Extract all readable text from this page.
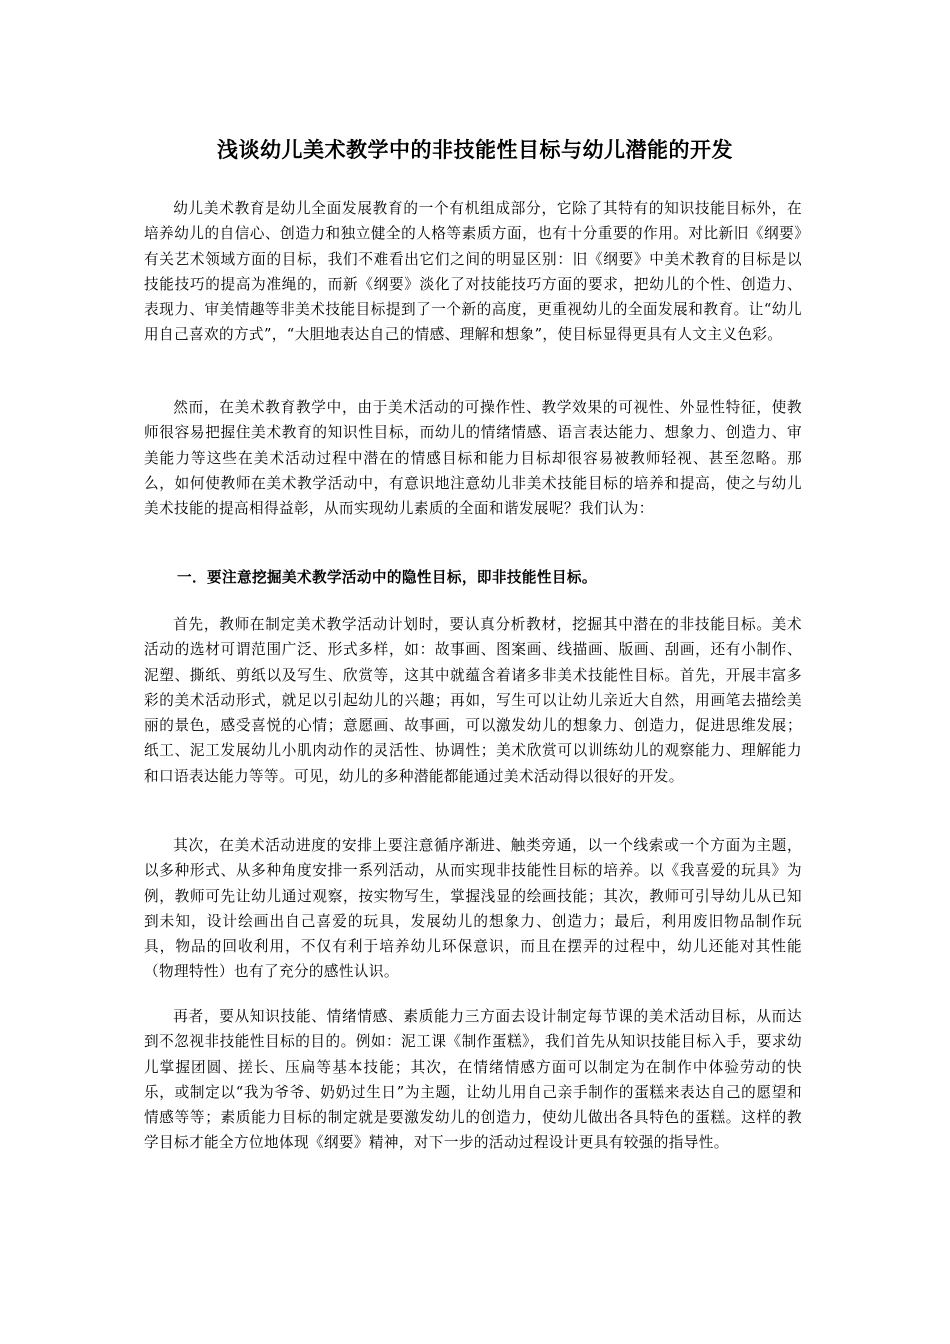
浅谈幼儿美术教学中的非技能性目标与幼儿潜能的开发

幼儿美术教育是幼儿全面发展教育的一个有机组成部分，它除了其特有的知识技能目标外，在培养幼儿的自信心、创造力和独立健全的人格等素质方面，也有十分重要的作用。对比新旧《纲要》有关艺术领域方面的目标，我们不难看出它们之间的明显区别：旧《纲要》中美术教育的目标是以技能技巧的提高为准绳的，而新《纲要》淡化了对技能技巧方面的要求，把幼儿的个性、创造力、表现力、审美情趣等非美术技能目标提到了一个新的高度，更重视幼儿的全面发展和教育。让“幼儿用自己喜欢的方式”，“大胆地表达自己的情感、理解和想象”，使目标显得更具有人文主义色彩。

然而，在美术教育教学中，由于美术活动的可操作性、教学效果的可视性、外显性特征，使教师很容易把握住美术教育的知识性目标，而幼儿的情绪情感、语言表达能力、想象力、创造力、审美能力等这些在美术活动过程中潜在的情感目标和能力目标却很容易被教师轻视、甚至忽略。那么，如何使教师在美术教学活动中，有意识地注意幼儿非美术技能目标的培养和提高，使之与幼儿美术技能的提高相得益彰，从而实现幼儿素质的全面和谐发展呢？我们认为：

一．要注意挖掘美术教学活动中的隐性目标，即非技能性目标。

首先，教师在制定美术教学活动计划时，要认真分析教材，挖掘其中潜在的非技能目标。美术活动的选材可谓范围广泛、形式多样，如：故事画、图案画、线描画、版画、刮画，还有小制作、泥塑、撕纸、剪纸以及写生、欣赏等，这其中就蕴含着诸多非美术技能性目标。首先，开展丰富多彩的美术活动形式，就足以引起幼儿的兴趣；再如，写生可以让幼儿亲近大自然，用画笔去描绘美丽的景色，感受喜悦的心情；意愿画、故事画，可以激发幼儿的想象力、创造力，促进思维发展；纸工、泥工发展幼儿小肌肉动作的灵活性、协调性；美术欣赏可以训练幼儿的观察能力、理解能力和口语表达能力等等。可见，幼儿的多种潜能都能通过美术活动得以很好的开发。

其次，在美术活动进度的安排上要注意循序渐进、触类旁通，以一个线索或一个方面为主题，以多种形式、从多种角度安排一系列活动，从而实现非技能性目标的培养。以《我喜爱的玩具》为例，教师可先让幼儿通过观察，按实物写生，掌握浅显的绘画技能；其次，教师可引导幼儿从已知到未知，设计绘画出自己喜爱的玩具，发展幼儿的想象力、创造力；最后，利用废旧物品制作玩具，物品的回收利用，不仅有利于培养幼儿环保意识，而且在摆弄的过程中，幼儿还能对其性能（物理特性）也有了充分的感性认识。

再者，要从知识技能、情绪情感、素质能力三方面去设计制定每节课的美术活动目标，从而达到不忽视非技能性目标的目的。例如：泥工课《制作蛋糕》，我们首先从知识技能目标入手，要求幼儿掌握团圆、搓长、压扁等基本技能；其次，在情绪情感方面可以制定为在制作中体验劳动的快乐，或制定以“我为爷爷、奶奶过生日”为主题，让幼儿用自己亲手制作的蛋糕来表达自己的愿望和情感等等；素质能力目标的制定就是要激发幼儿的创造力，使幼儿做出各具特色的蛋糕。这样的教学目标才能全方位地体现《纲要》精神，对下一步的活动过程设计更具有较强的指导性。
